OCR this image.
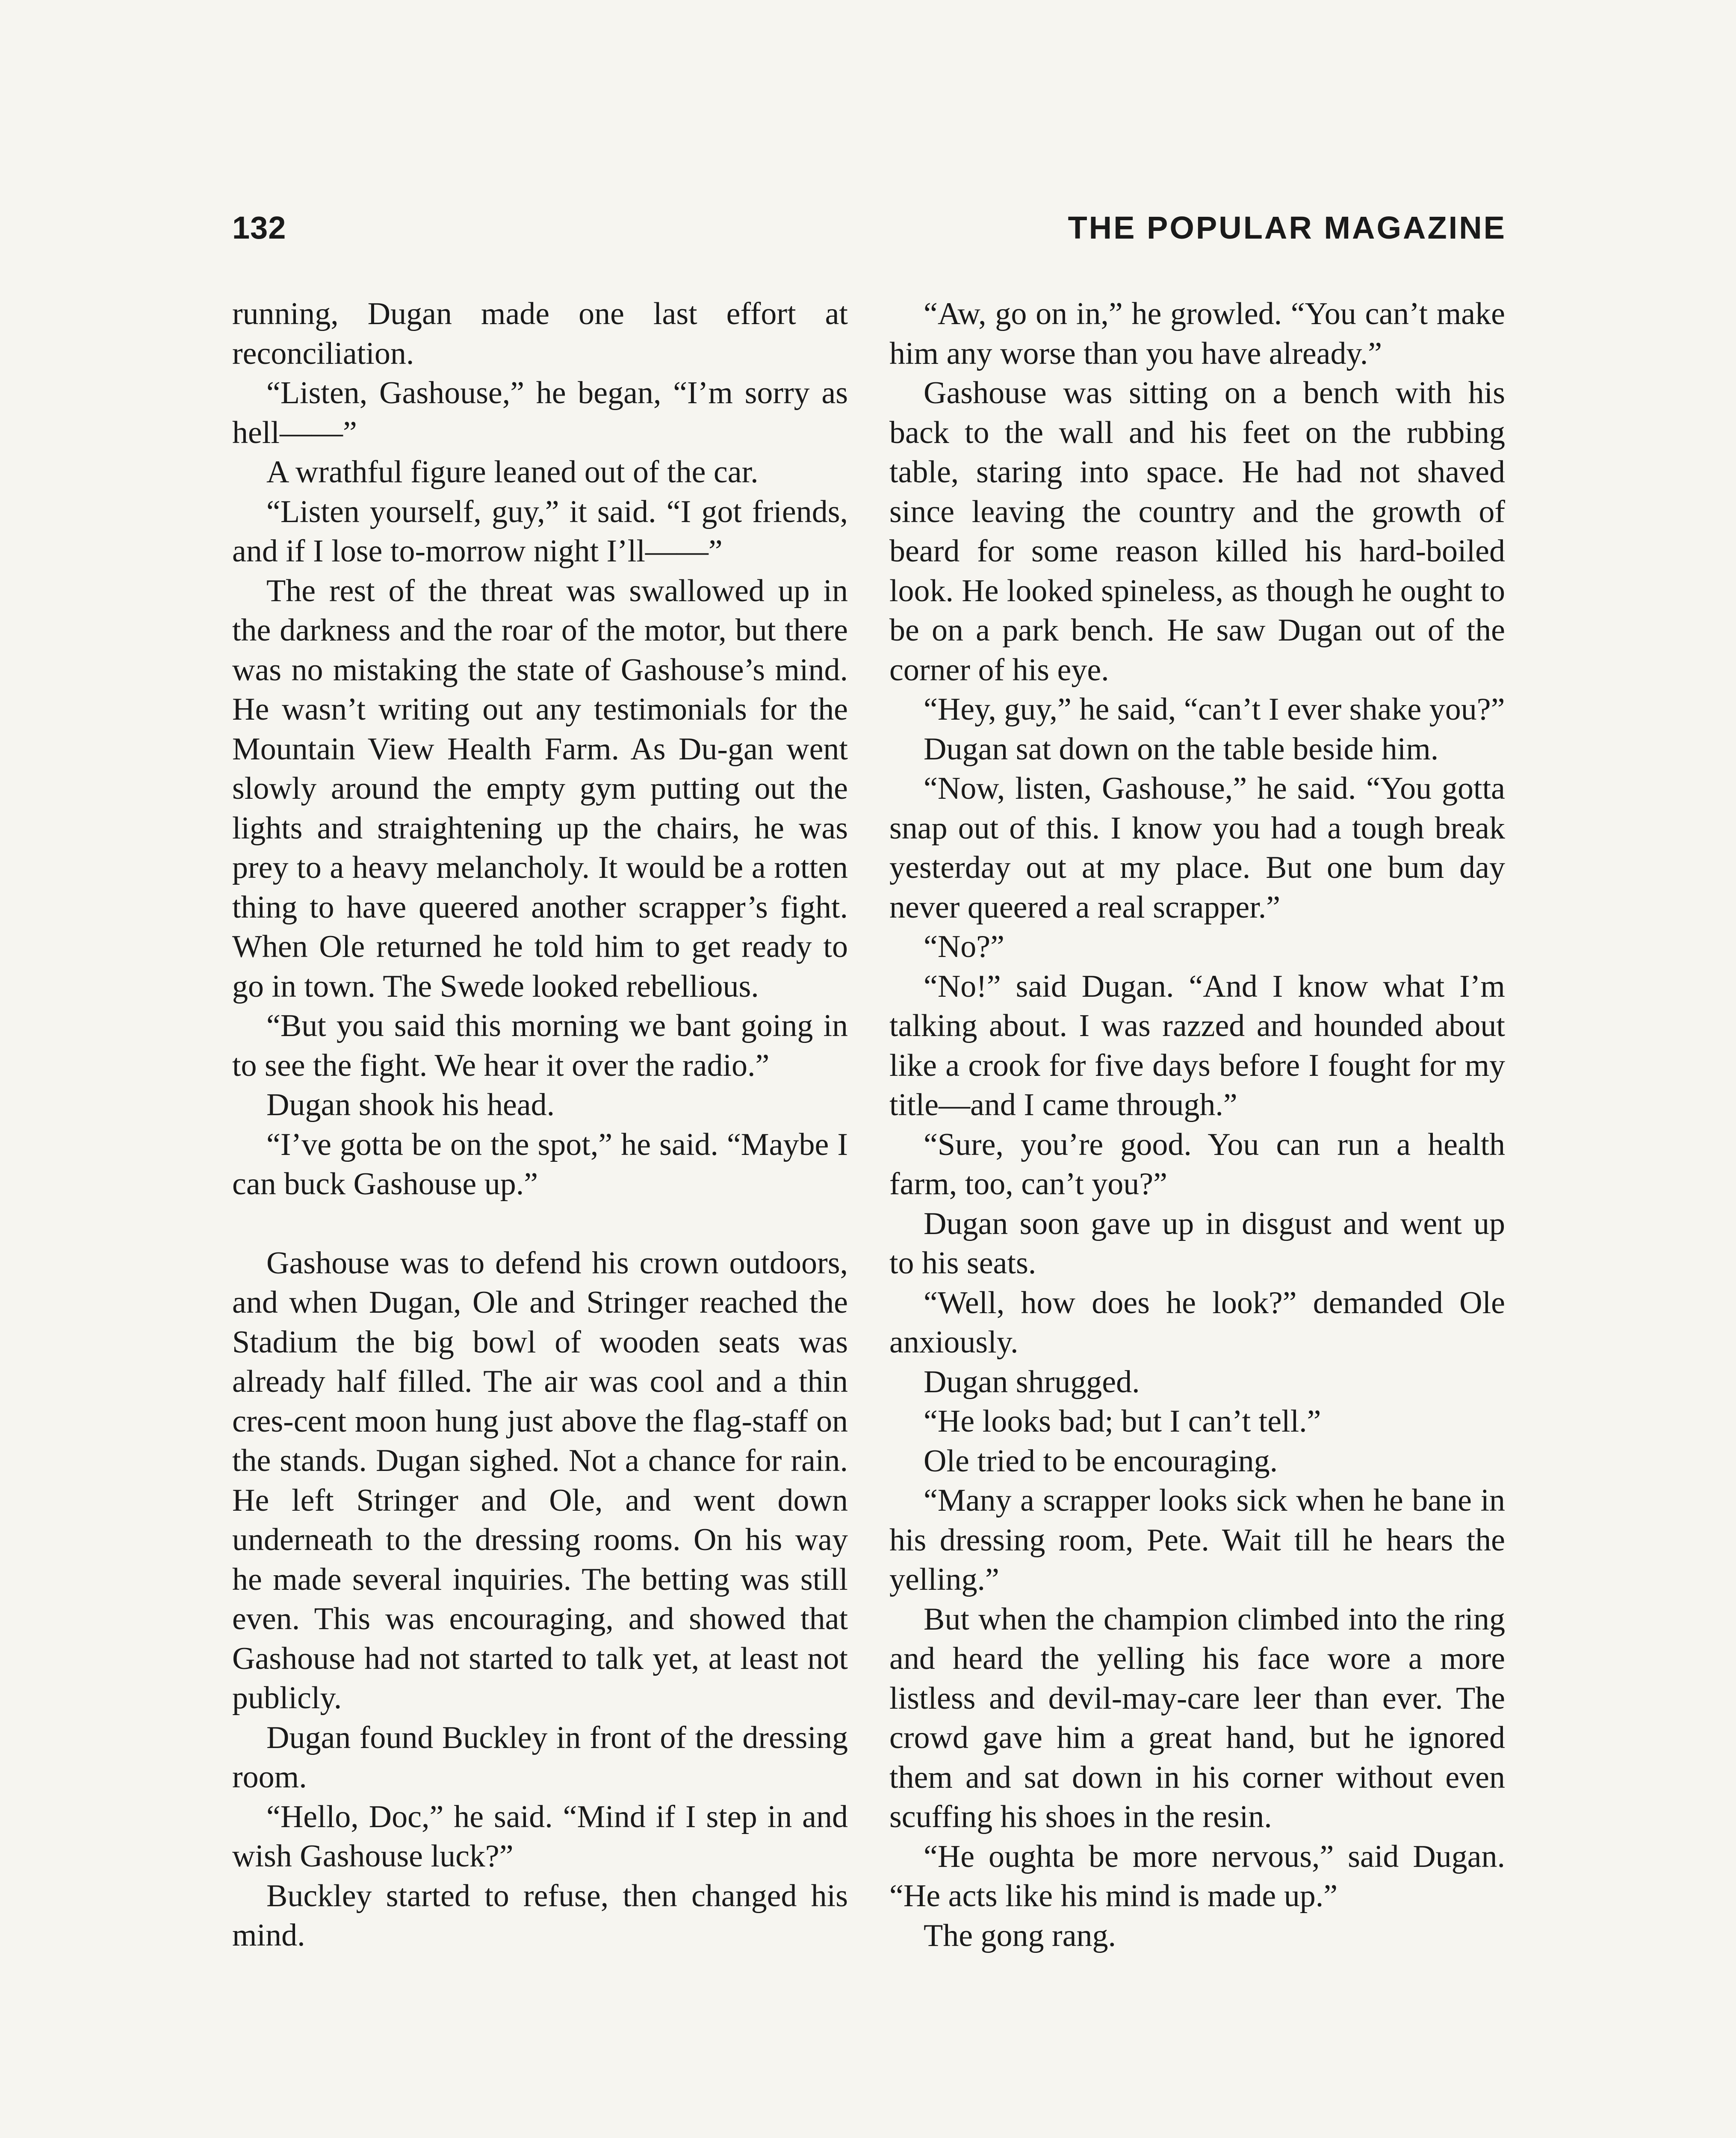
132	THE POPULAR MAGAZINE

running, Dugan made one last effort at reconciliation.

“Listen, Gashouse,” he began, “I’m sorry as hell——”

A wrathful figure leaned out of the car.

“Listen yourself, guy,” it said. “I got friends, and if I lose to-morrow night I’ll——”

The rest of the threat was swallowed up in the darkness and the roar of the motor, but there was no mistaking the state of Gashouse’s mind. He wasn’t writing out any testimonials for the Mountain View Health Farm. As Du-gan went slowly around the empty gym putting out the lights and straightening up the chairs, he was prey to a heavy melancholy. It would be a rotten thing to have queered another scrapper’s fight. When Ole returned he told him to get ready to go in town. The Swede looked rebellious.

“But you said this morning we bant going in to see the fight. We hear it over the radio.”

Dugan shook his head.

“I’ve gotta be on the spot,” he said. “Maybe I can buck Gashouse up.”

Gashouse was to defend his crown outdoors, and when Dugan, Ole and Stringer reached the Stadium the big bowl of wooden seats was already half filled. The air was cool and a thin cres-cent moon hung just above the flag-staff on the stands. Dugan sighed. Not a chance for rain. He left Stringer and Ole, and went down underneath to the dressing rooms. On his way he made several inquiries. The betting was still even. This was encouraging, and showed that Gashouse had not started to talk yet, at least not publicly.

Dugan found Buckley in front of the dressing room.

“Hello, Doc,” he said. “Mind if I step in and wish Gashouse luck?”

Buckley started to refuse, then changed his mind.

“Aw, go on in,” he growled. “You can’t make him any worse than you have already.”

Gashouse was sitting on a bench with his back to the wall and his feet on the rubbing table, staring into space. He had not shaved since leaving the country and the growth of beard for some reason killed his hard-boiled look. He looked spineless, as though he ought to be on a park bench. He saw Dugan out of the corner of his eye.

“Hey, guy,” he said, “can’t I ever shake you?”

Dugan sat down on the table beside him.

“Now, listen, Gashouse,” he said. “You gotta snap out of this. I know you had a tough break yesterday out at my place. But one bum day never queered a real scrapper.”

“No?”

“No!” said Dugan. “And I know what I’m talking about. I was razzed and hounded about like a crook for five days before I fought for my title—and I came through.”

“Sure, you’re good. You can run a health farm, too, can’t you?”

Dugan soon gave up in disgust and went up to his seats.

“Well, how does he look?” demanded Ole anxiously.

Dugan shrugged.

“He looks bad; but I can’t tell.”

Ole tried to be encouraging.

“Many a scrapper looks sick when he bane in his dressing room, Pete. Wait till he hears the yelling.”

But when the champion climbed into the ring and heard the yelling his face wore a more listless and devil-may-care leer than ever. The crowd gave him a great hand, but he ignored them and sat down in his corner without even scuffing his shoes in the resin.

“He oughta be more nervous,” said Dugan. “He acts like his mind is made up.”

The gong rang.
